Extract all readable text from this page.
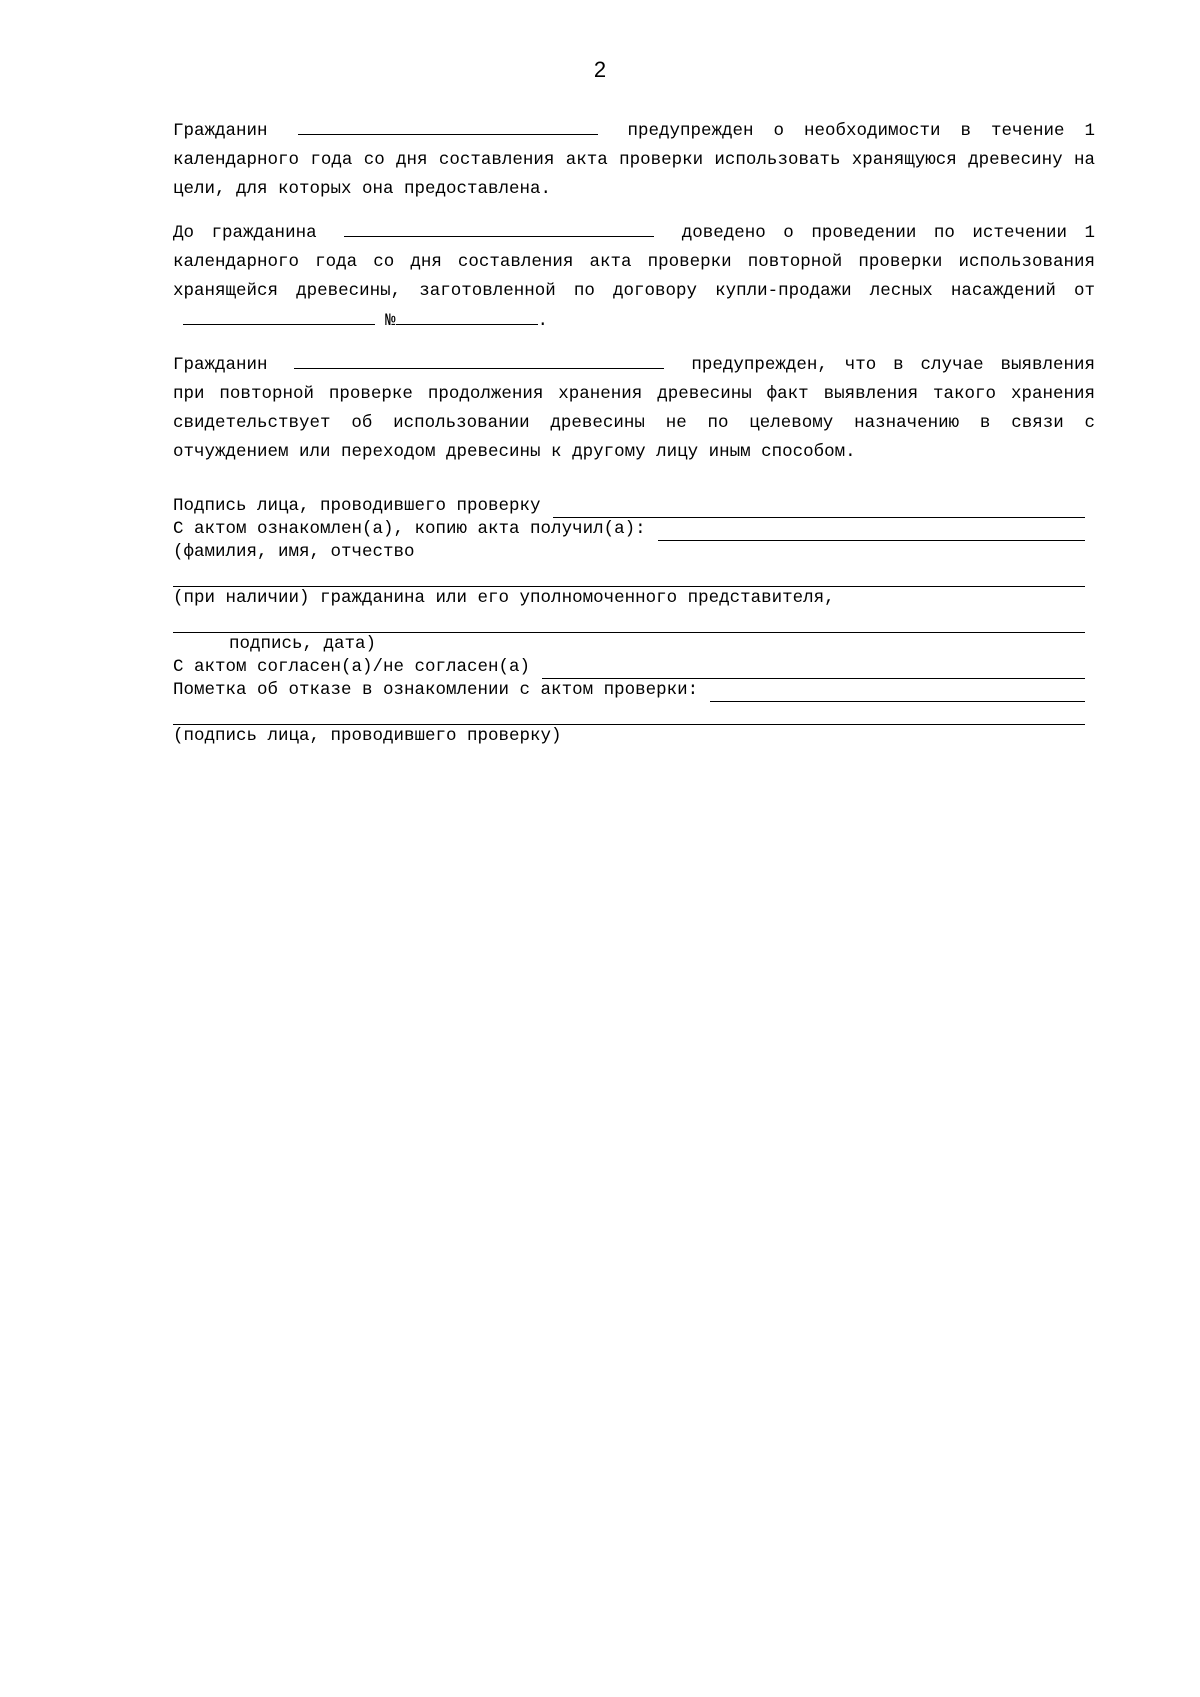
2

Гражданин	предупрежден о необходимости в течение 1 календарного года со дня составления акта проверки использовать хранящуюся древесину на цели, для которых она предоставлена.

До гражданина	доведено о проведении по истечении 1 календарного года со дня составления акта проверки повторной проверки использования хранящейся древесины, заготовленной по договору купли-продажи лесных насаждений от №	.

Гражданин	предупрежден, что в случае выявления при повторной проверке продолжения хранения древесины факт выявления такого хранения свидетельствует об использовании древесины не по целевому назначению в связи с отчуждением или переходом древесины к другому лицу иным способом.

Подпись лица, проводившего проверку
С актом ознакомлен(а), копию акта получил(а):
(фамилия, имя, отчество
(при наличии) гражданина или его уполномоченного представителя,
подпись, дата)
С актом согласен(а)/не согласен(а)
Пометка об отказе в ознакомлении с актом проверки:
(подпись лица, проводившего проверку)
